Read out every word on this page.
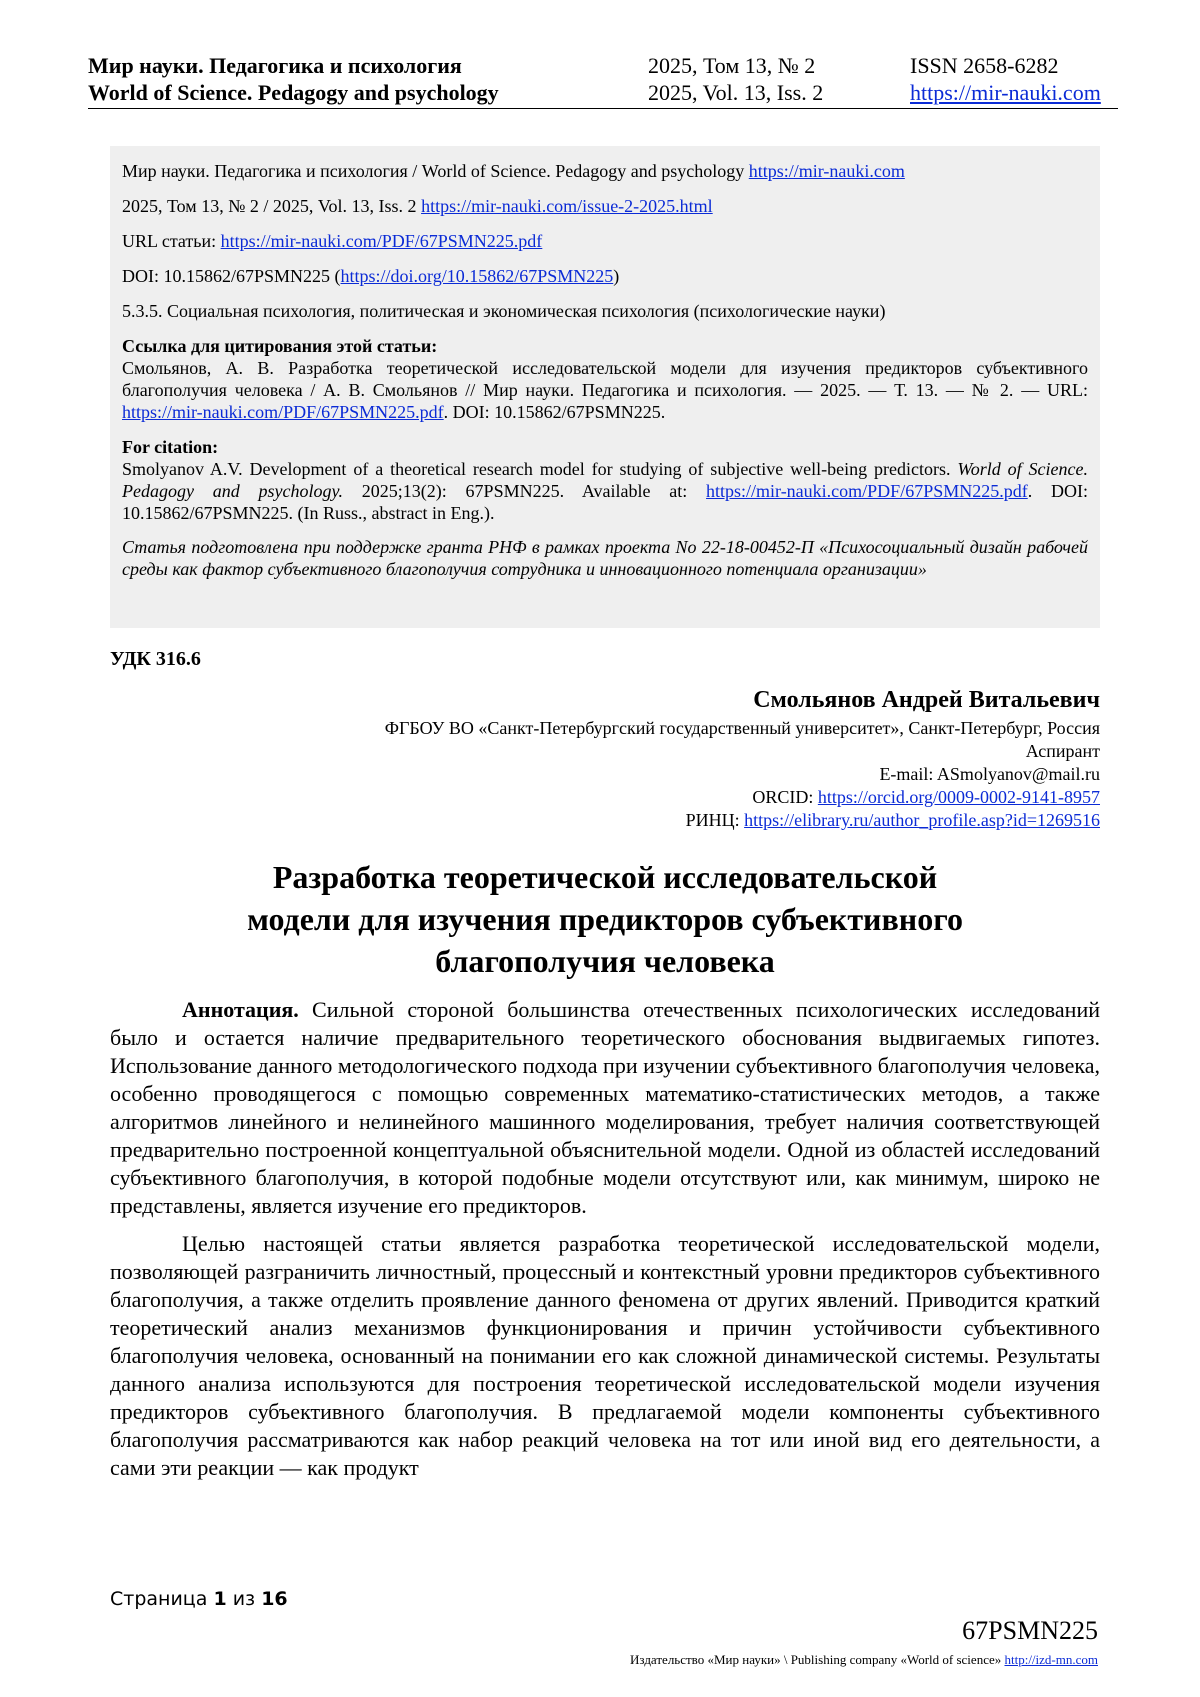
Мир науки. Педагогика и психология
World of Science. Pedagogy and psychology
2025, Том 13, № 2
2025, Vol. 13, Iss. 2
ISSN 2658-6282
https://mir-nauki.com

Мир науки. Педагогика и психология / World of Science. Pedagogy and psychology https://mir-nauki.com

2025, Том 13, № 2 / 2025, Vol. 13, Iss. 2 https://mir-nauki.com/issue-2-2025.html

URL статьи: https://mir-nauki.com/PDF/67PSMN225.pdf

DOI: 10.15862/67PSMN225 (https://doi.org/10.15862/67PSMN225)

5.3.5. Социальная психология, политическая и экономическая психология (психологические науки)

Ссылка для цитирования этой статьи:

Смольянов, А. В. Разработка теоретической исследовательской модели для изучения предикторов субъективного благополучия человека / А. В. Смольянов // Мир науки. Педагогика и психология. — 2025. — Т. 13. — № 2. — URL: https://mir-nauki.com/PDF/67PSMN225.pdf. DOI: 10.15862/67PSMN225.

For citation:

Smolyanov A.V. Development of a theoretical research model for studying of subjective well-being predictors. World of Science. Pedagogy and psychology. 2025;13(2): 67PSMN225. Available at: https://mir-nauki.com/PDF/67PSMN225.pdf. DOI: 10.15862/67PSMN225. (In Russ., abstract in Eng.).

Статья подготовлена при поддержке гранта РНФ в рамках проекта No 22-18-00452-П «Психосоциальный дизайн рабочей среды как фактор субъективного благополучия сотрудника и инновационного потенциала организации»

УДК 316.6
Смольянов Андрей Витальевич
ФГБОУ ВО «Санкт-Петербургский государственный университет», Санкт-Петербург, Россия
Аспирант
E-mail: ASmolyanov@mail.ru
ORCID: https://orcid.org/0009-0002-9141-8957
РИНЦ: https://elibrary.ru/author_profile.asp?id=1269516
Разработка теоретической исследовательской
модели для изучения предикторов субъективного
благополучия человека

Аннотация. Сильной стороной большинства отечественных психологических исследований было и остается наличие предварительного теоретического обоснования выдвигаемых гипотез. Использование данного методологического подхода при изучении субъективного благополучия человека, особенно проводящегося с помощью современных математико-статистических методов, а также алгоритмов линейного и нелинейного машинного моделирования, требует наличия соответствующей предварительно построенной концептуальной объяснительной модели. Одной из областей исследований субъективного благополучия, в которой подобные модели отсутствуют или, как минимум, широко не представлены, является изучение его предикторов.

Целью настоящей статьи является разработка теоретической исследовательской модели, позволяющей разграничить личностный, процессный и контекстный уровни предикторов субъективного благополучия, а также отделить проявление данного феномена от других явлений. Приводится краткий теоретический анализ механизмов функционирования и причин устойчивости субъективного благополучия человека, основанный на понимании его как сложной динамической системы. Результаты данного анализа используются для построения теоретической исследовательской модели изучения предикторов субъективного благополучия. В предлагаемой модели компоненты субъективного благополучия рассматриваются как набор реакций человека на тот или иной вид его деятельности, а сами эти реакции — как продукт

Страница 1 из 16
67PSMN225
Издательство «Мир науки» \ Publishing company «World of science» http://izd-mn.com
